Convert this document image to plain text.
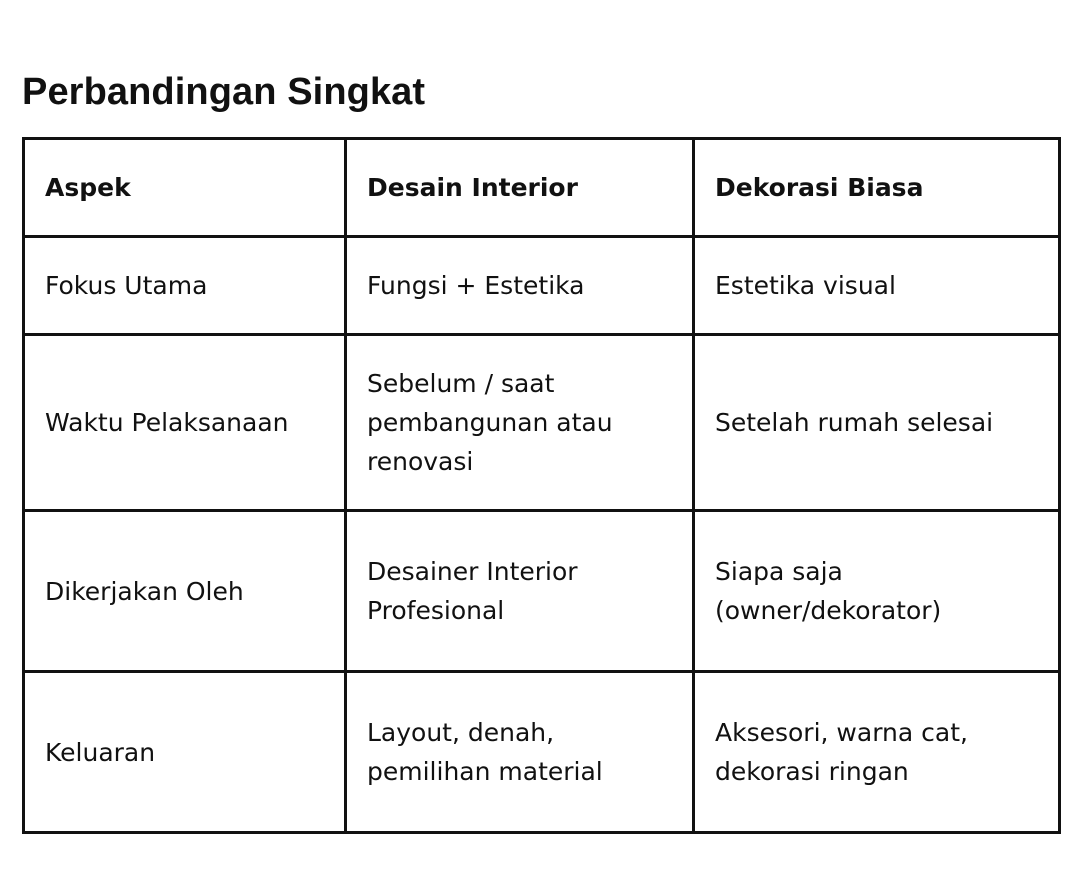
Perbandingan Singkat
Aspek	Desain Interior	Dekorasi Biasa
Fokus Utama	Fungsi + Estetika	Estetika visual
Waktu Pelaksanaan	Sebelum / saat pembangunan atau renovasi	Setelah rumah selesai
Dikerjakan Oleh	Desainer Interior Profesional	Siapa saja (owner/dekorator)
Keluaran	Layout, denah, pemilihan material	Aksesori, warna cat, dekorasi ringan
